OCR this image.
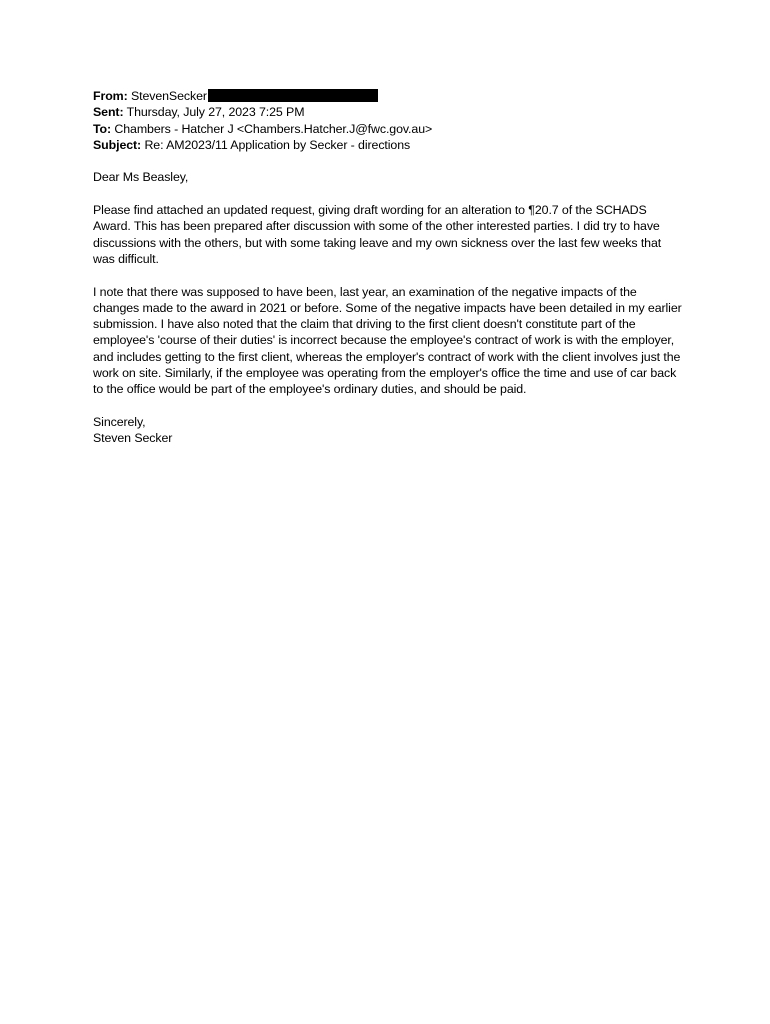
From: StevenSecker
Sent: Thursday, July 27, 2023 7:25 PM
To: Chambers - Hatcher J <Chambers.Hatcher.J@fwc.gov.au>
Subject: Re: AM2023/11 Application by Secker - directions
Dear Ms Beasley,
Please find attached an updated request, giving draft wording for an alteration to ¶20.7 of the SCHADS Award. This has been prepared after discussion with some of the other interested parties. I did try to have discussions with the others, but with some taking leave and my own sickness over the last few weeks that was difficult.
I note that there was supposed to have been, last year, an examination of the negative impacts of the changes made to the award in 2021 or before. Some of the negative impacts have been detailed in my earlier submission. I have also noted that the claim that driving to the first client doesn't constitute part of the employee's 'course of their duties' is incorrect because the employee's contract of work is with the employer, and includes getting to the first client, whereas the employer's contract of work with the client involves just the work on site. Similarly, if the employee was operating from the employer's office the time and use of car back to the office would be part of the employee's ordinary duties, and should be paid.
Sincerely,
Steven Secker
